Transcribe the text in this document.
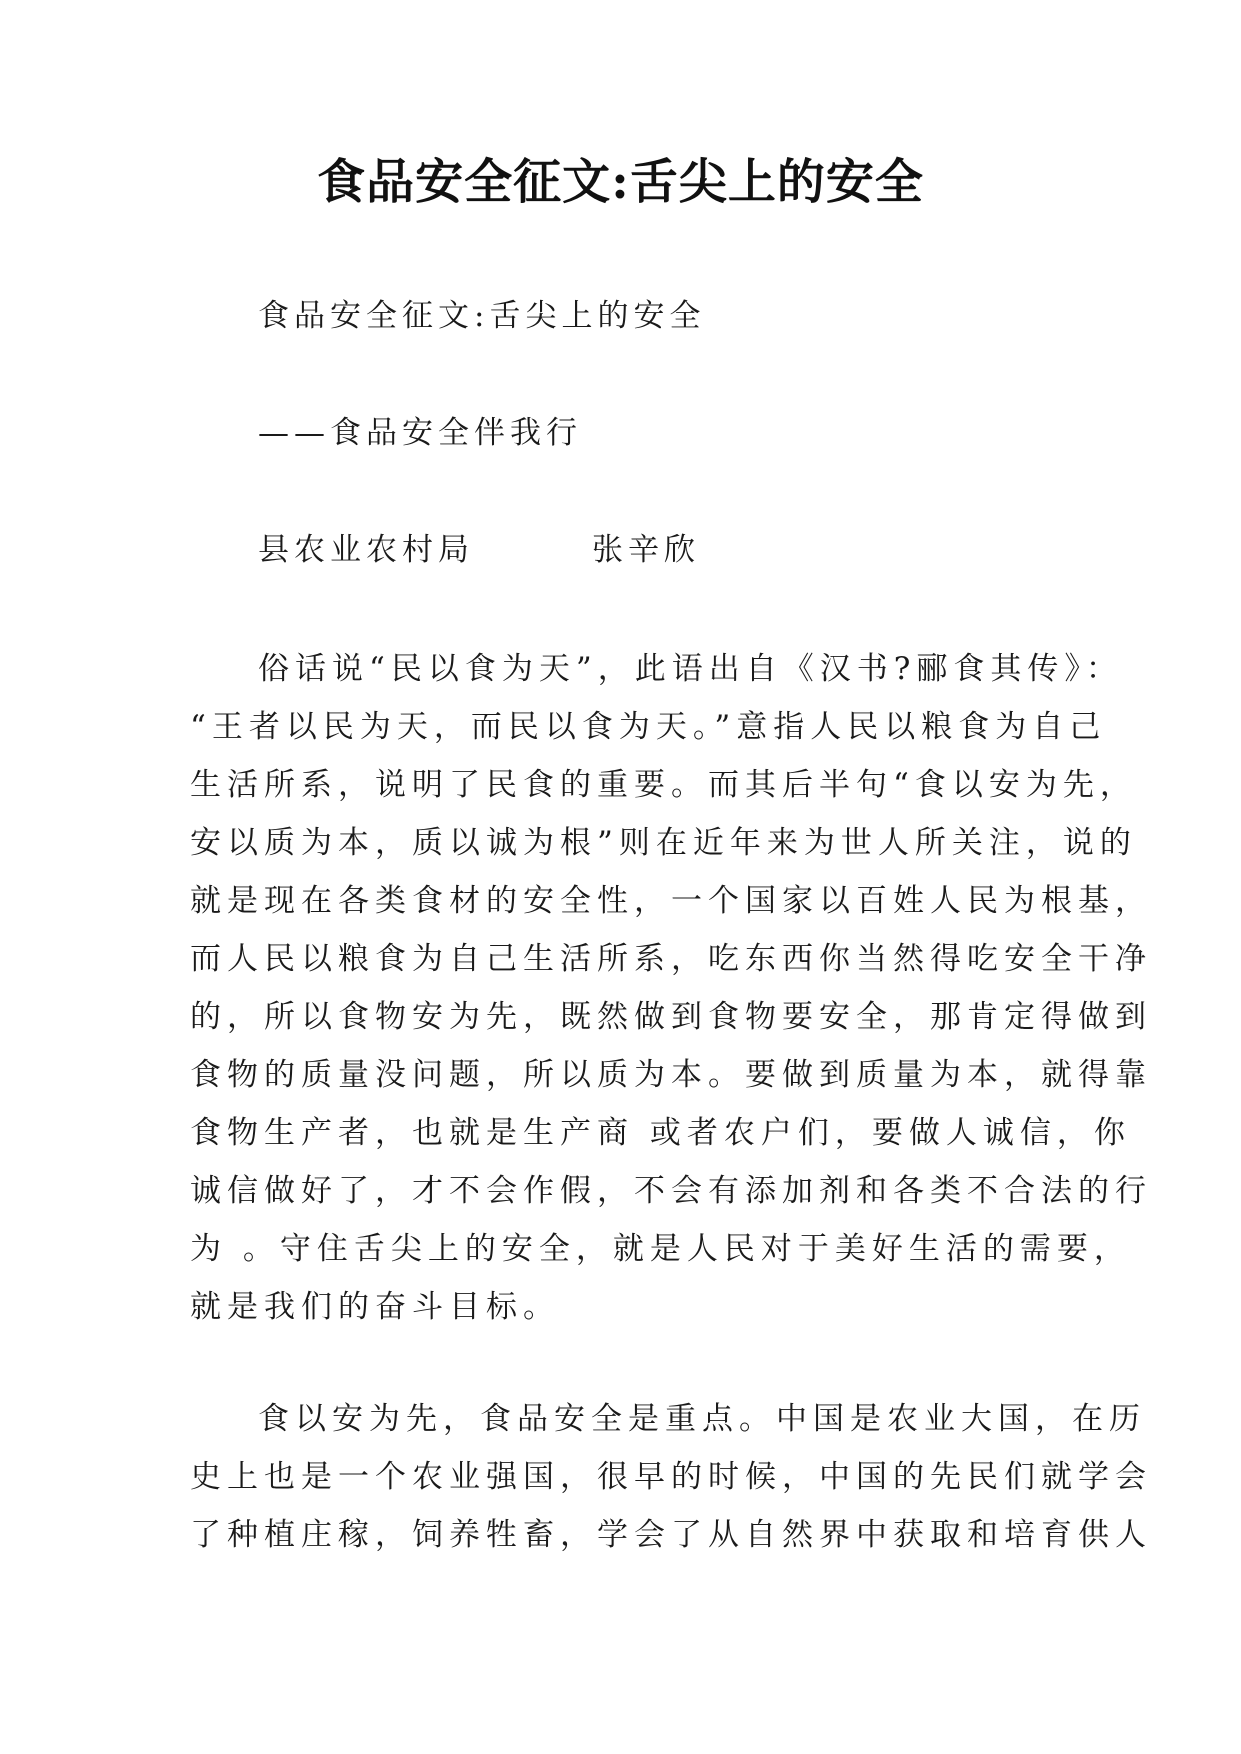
食品安全征文:舌尖上的安全

食品安全征文:舌尖上的安全

——食品安全伴我行

县农业农村局	张辛欣

俗话说“民以食为天”，此语出自《汉书?郦食其传》：
“王者以民为天，而民以食为天。”意指人民以粮食为自己
生活所系，说明了民食的重要。而其后半句“食以安为先，
安以质为本，质以诚为根”则在近年来为世人所关注，说的
就是现在各类食材的安全性，一个国家以百姓人民为根基，
而人民以粮食为自己生活所系，吃东西你当然得吃安全干净
的，所以食物安为先，既然做到食物要安全，那肯定得做到
食物的质量没问题，所以质为本。要做到质量为本，就得靠
食物生产者，也就是生产商 或者农户们，要做人诚信，你
诚信做好了，才不会作假，不会有添加剂和各类不合法的行
为 。守住舌尖上的安全，就是人民对于美好生活的需要，
就是我们的奋斗目标。
食以安为先，食品安全是重点。中国是农业大国，在历
史上也是一个农业强国，很早的时候，中国的先民们就学会
了种植庄稼，饲养牲畜，学会了从自然界中获取和培育供人
